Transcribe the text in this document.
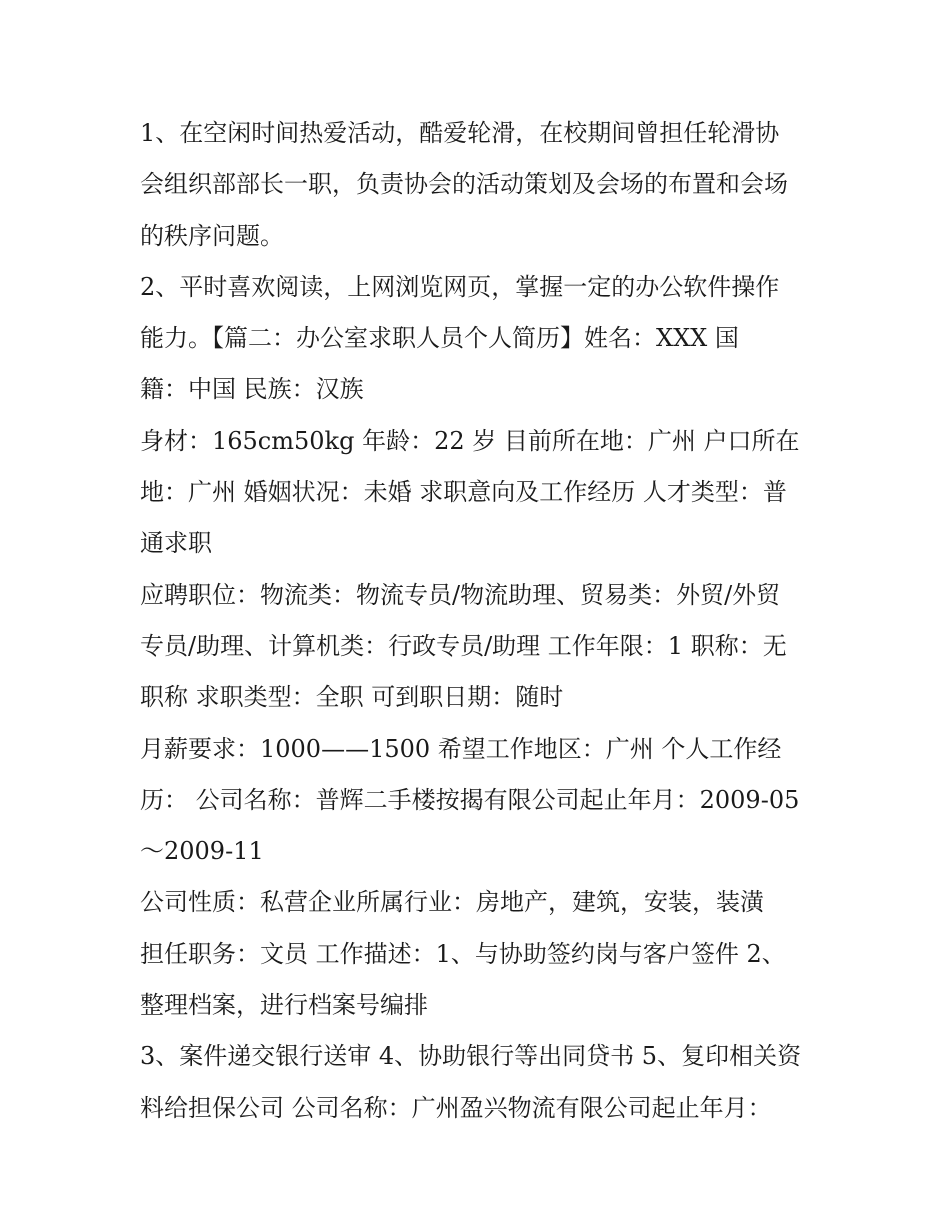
1、在空闲时间热爱活动，酷爱轮滑，在校期间曾担任轮滑协
会组织部部长一职，负责协会的活动策划及会场的布置和会场
的秩序问题。
2、平时喜欢阅读，上网浏览网页，掌握一定的办公软件操作
能力。【篇二：办公室求职人员个人简历】姓名：XXX 国
籍：中国 民族：汉族
身材：165cm50kg 年龄：22 岁 目前所在地：广州 户口所在
地：广州 婚姻状况：未婚 求职意向及工作经历 人才类型：普
通求职
应聘职位：物流类：物流专员/物流助理、贸易类：外贸/外贸
专员/助理、计算机类：行政专员/助理 工作年限：1 职称：无
职称 求职类型：全职 可到职日期：随时
月薪要求：1000——1500 希望工作地区：广州 个人工作经
历： 公司名称：普辉二手楼按揭有限公司起止年月：2009-05
～2009-11
公司性质：私营企业所属行业：房地产，建筑，安装，装潢
担任职务：文员 工作描述：1、与协助签约岗与客户签件 2、
整理档案，进行档案号编排
3、案件递交银行送审 4、协助银行等出同贷书 5、复印相关资
料给担保公司 公司名称：广州盈兴物流有限公司起止年月：
